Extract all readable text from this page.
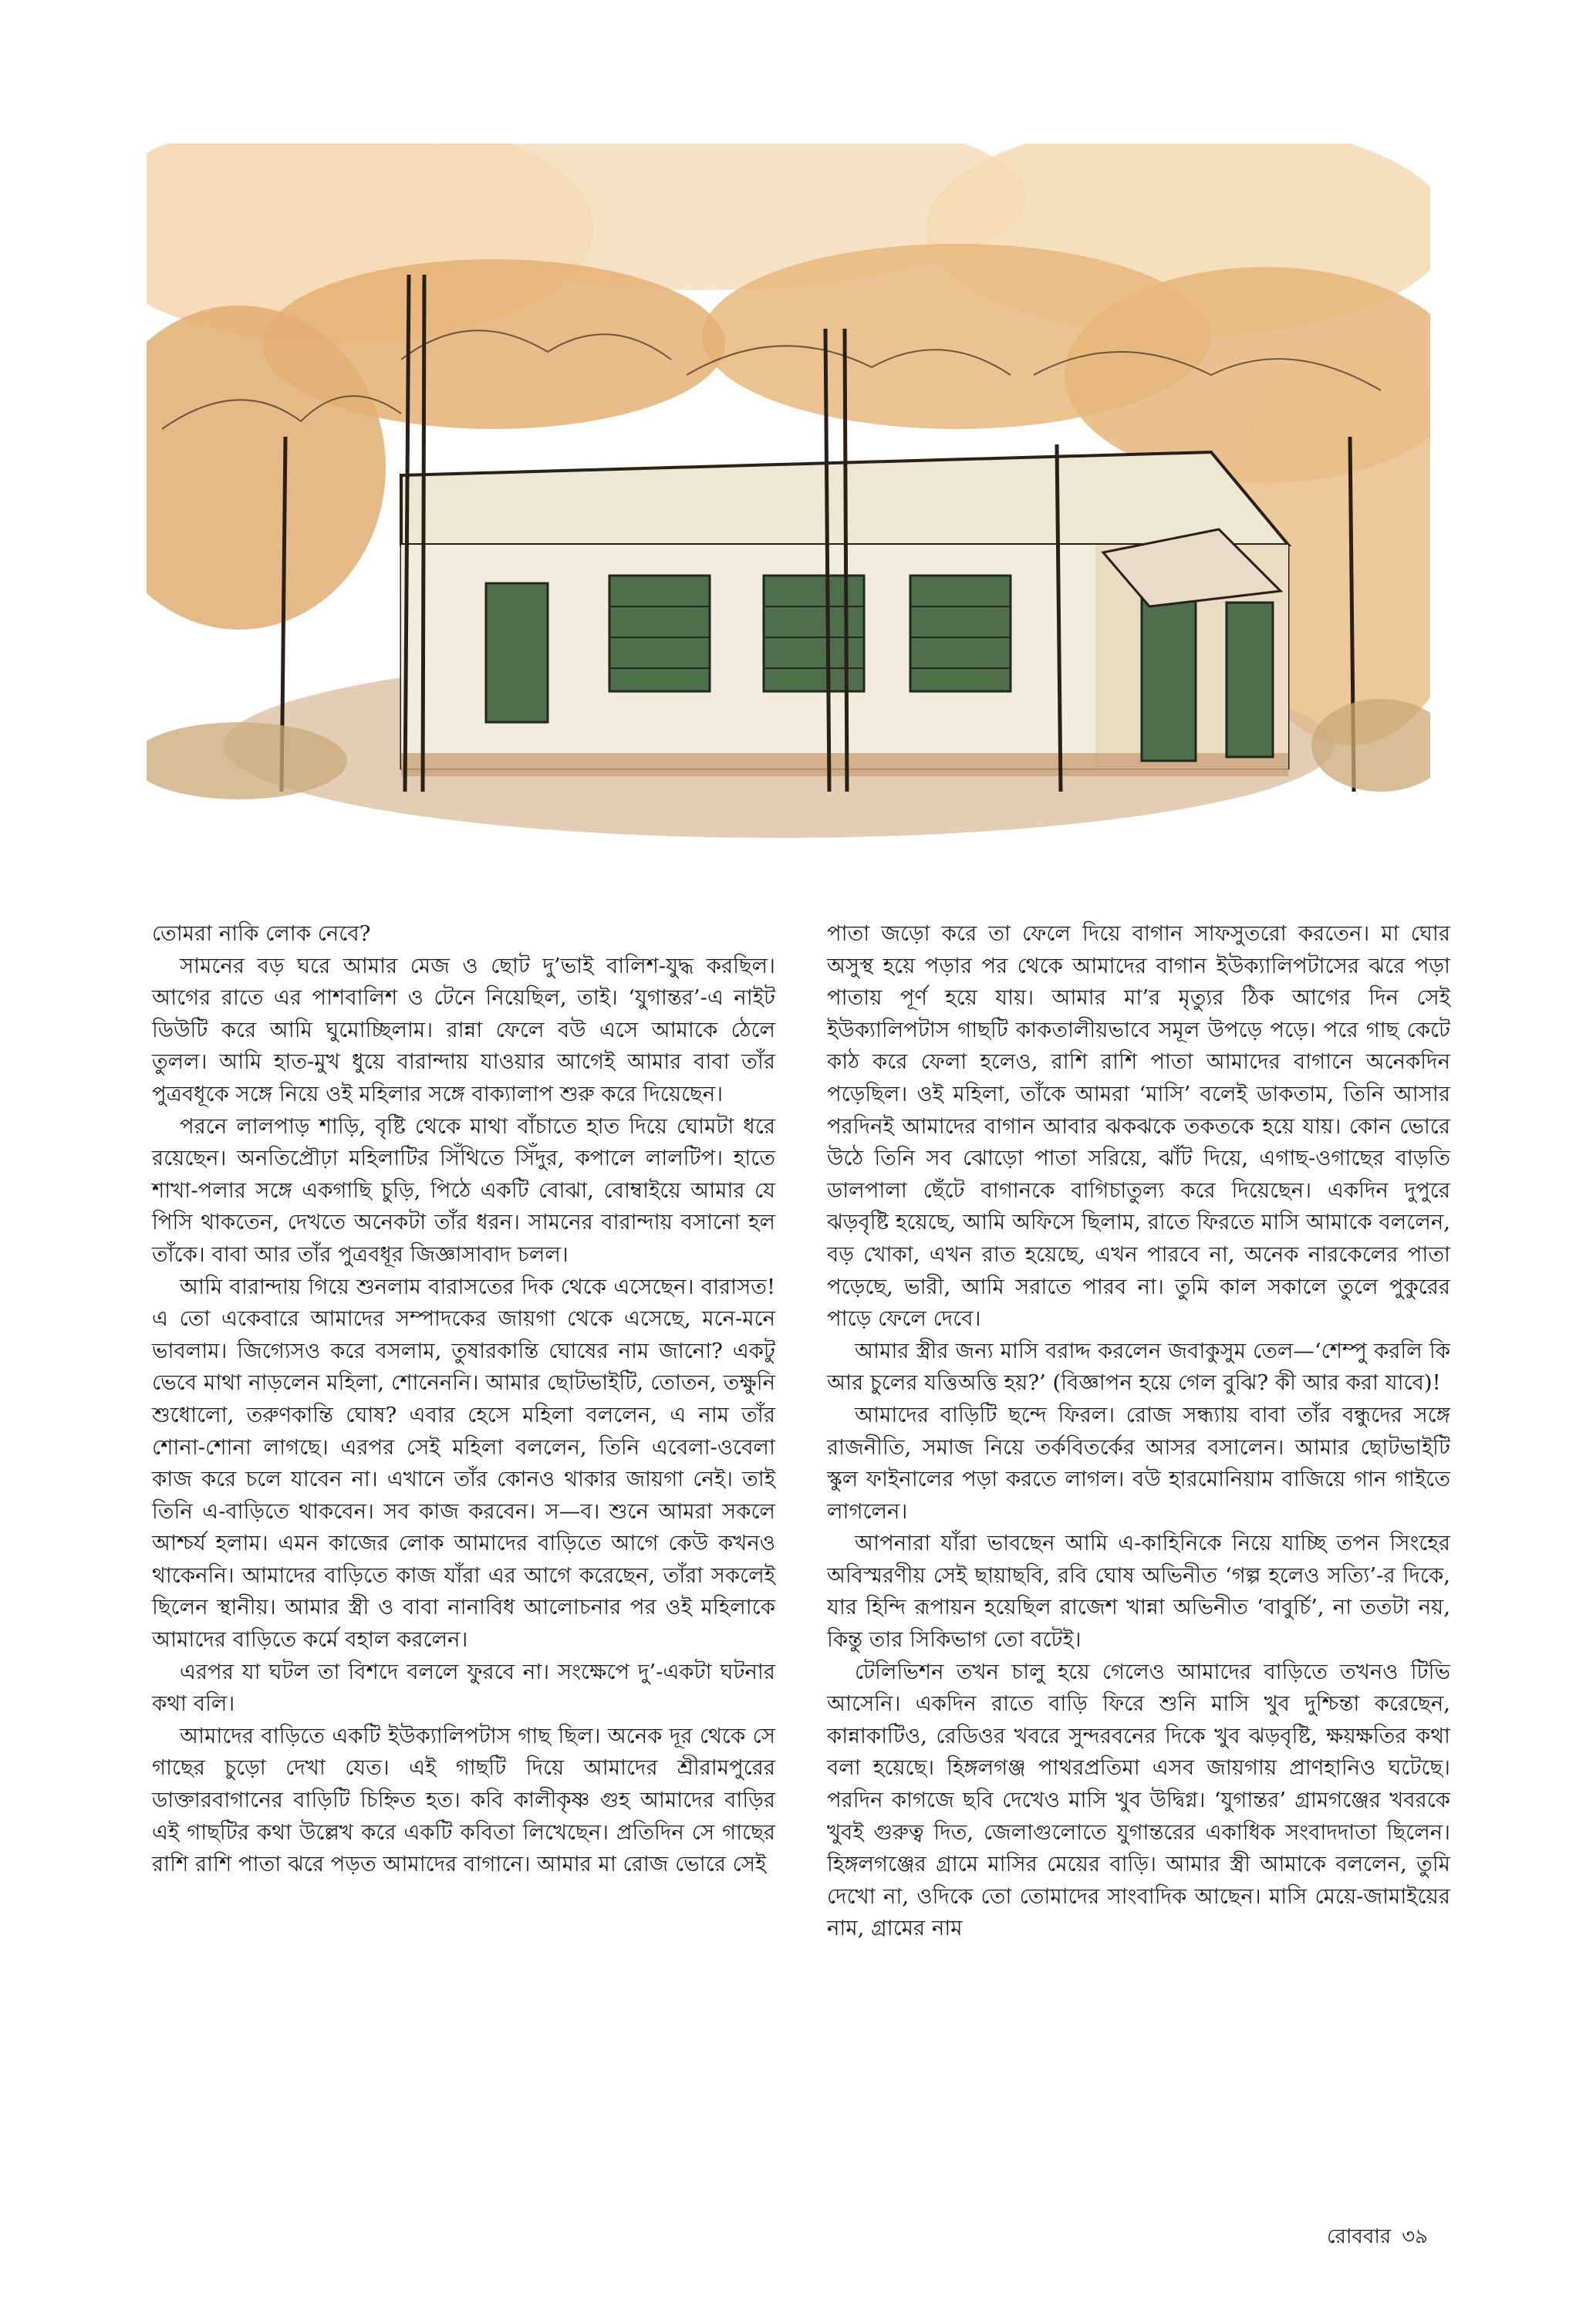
তোমরা নাকি লোক নেবে?

সামনের বড় ঘরে আমার মেজ ও ছোট দু’ভাই বালিশ-যুদ্ধ করছিল। আগের রাতে এর পাশবালিশ ও টেনে নিয়েছিল, তাই। ‘যুগান্তর’-এ নাইট ডিউটি করে আমি ঘুমোচ্ছিলাম। রান্না ফেলে বউ এসে আমাকে ঠেলে তুলল। আমি হাত-মুখ ধুয়ে বারান্দায় যাওয়ার আগেই আমার বাবা তাঁর পুত্রবধূকে সঙ্গে নিয়ে ওই মহিলার সঙ্গে বাক্যালাপ শুরু করে দিয়েছেন।

পরনে লালপাড় শাড়ি, বৃষ্টি থেকে মাথা বাঁচাতে হাত দিয়ে ঘোমটা ধরে রয়েছেন। অনতিপ্রৌঢ়া মহিলাটির সিঁথিতে সিঁদুর, কপালে লালটিপ। হাতে শাখা-পলার সঙ্গে একগাছি চুড়ি, পিঠে একটি বোঝা, বোম্বাইয়ে আমার যে পিসি থাকতেন, দেখতে অনেকটা তাঁর ধরন। সামনের বারান্দায় বসানো হল তাঁকে। বাবা আর তাঁর পুত্রবধূর জিজ্ঞাসাবাদ চলল।

আমি বারান্দায় গিয়ে শুনলাম বারাসতের দিক থেকে এসেছেন। বারাসত! এ তো একেবারে আমাদের সম্পাদকের জায়গা থেকে এসেছে, মনে-মনে ভাবলাম। জিগ্যেসও করে বসলাম, তুষারকান্তি ঘোষের নাম জানো? একটু ভেবে মাথা নাড়লেন মহিলা, শোনেননি। আমার ছোটভাইটি, তোতন, তক্ষুনি শুধোলো, তরুণকান্তি ঘোষ? এবার হেসে মহিলা বললেন, এ নাম তাঁর শোনা-শোনা লাগছে। এরপর সেই মহিলা বললেন, তিনি এবেলা-ওবেলা কাজ করে চলে যাবেন না। এখানে তাঁর কোনও থাকার জায়গা নেই। তাই তিনি এ-বাড়িতে থাকবেন। সব কাজ করবেন। স—ব। শুনে আমরা সকলে আশ্চর্য হলাম। এমন কাজের লোক আমাদের বাড়িতে আগে কেউ কখনও থাকেননি। আমাদের বাড়িতে কাজ যাঁরা এর আগে করেছেন, তাঁরা সকলেই ছিলেন স্থানীয়। আমার স্ত্রী ও বাবা নানাবিধ আলোচনার পর ওই মহিলাকে আমাদের বাড়িতে কর্মে বহাল করলেন।

এরপর যা ঘটল তা বিশদে বললে ফুরবে না। সংক্ষেপে দু’-একটা ঘটনার কথা বলি।

আমাদের বাড়িতে একটি ইউক্যালিপটাস গাছ ছিল। অনেক দূর থেকে সে গাছের চুড়ো দেখা যেত। এই গাছটি দিয়ে আমাদের শ্রীরামপুরের ডাক্তারবাগানের বাড়িটি চিহ্নিত হত। কবি কালীকৃষ্ণ গুহ আমাদের বাড়ির এই গাছটির কথা উল্লেখ করে একটি কবিতা লিখেছেন। প্রতিদিন সে গাছের রাশি রাশি পাতা ঝরে পড়ত আমাদের বাগানে। আমার মা রোজ ভোরে সেই

পাতা জড়ো করে তা ফেলে দিয়ে বাগান সাফসুতরো করতেন। মা ঘোর অসুস্থ হয়ে পড়ার পর থেকে আমাদের বাগান ইউক্যালিপটাসের ঝরে পড়া পাতায় পূর্ণ হয়ে যায়। আমার মা’র মৃত্যুর ঠিক আগের দিন সেই ইউক্যালিপটাস গাছটি কাকতালীয়ভাবে সমূল উপড়ে পড়ে। পরে গাছ কেটে কাঠ করে ফেলা হলেও, রাশি রাশি পাতা আমাদের বাগানে অনেকদিন পড়েছিল। ওই মহিলা, তাঁকে আমরা ‘মাসি’ বলেই ডাকতাম, তিনি আসার পরদিনই আমাদের বাগান আবার ঝকঝকে তকতকে হয়ে যায়। কোন ভোরে উঠে তিনি সব ঝোড়ো পাতা সরিয়ে, ঝাঁট দিয়ে, এগাছ-ওগাছের বাড়তি ডালপালা ছেঁটে বাগানকে বাগিচাতুল্য করে দিয়েছেন। একদিন দুপুরে ঝড়বৃষ্টি হয়েছে, আমি অফিসে ছিলাম, রাতে ফিরতে মাসি আমাকে বললেন, বড় খোকা, এখন রাত হয়েছে, এখন পারবে না, অনেক নারকেলের পাতা পড়েছে, ভারী, আমি সরাতে পারব না। তুমি কাল সকালে তুলে পুকুরের পাড়ে ফেলে দেবে।

আমার স্ত্রীর জন্য মাসি বরাদ্দ করলেন জবাকুসুম তেল—‘শেম্পু করলি কি আর চুলের যত্তিঅত্তি হয়?’ (বিজ্ঞাপন হয়ে গেল বুঝি? কী আর করা যাবে)!

আমাদের বাড়িটি ছন্দে ফিরল। রোজ সন্ধ্যায় বাবা তাঁর বন্ধুদের সঙ্গে রাজনীতি, সমাজ নিয়ে তর্কবিতর্কের আসর বসালেন। আমার ছোটভাইটি স্কুল ফাইনালের পড়া করতে লাগল। বউ হারমোনিয়াম বাজিয়ে গান গাইতে লাগলেন।

আপনারা যাঁরা ভাবছেন আমি এ-কাহিনিকে নিয়ে যাচ্ছি তপন সিংহের অবিস্মরণীয় সেই ছায়াছবি, রবি ঘোষ অভিনীত ‘গল্প হলেও সত্যি’-র দিকে, যার হিন্দি রূপায়ন হয়েছিল রাজেশ খান্না অভিনীত ‘বাবুর্চি’, না ততটা নয়, কিন্তু তার সিকিভাগ তো বটেই।

টেলিভিশন তখন চালু হয়ে গেলেও আমাদের বাড়িতে তখনও টিভি আসেনি। একদিন রাতে বাড়ি ফিরে শুনি মাসি খুব দুশ্চিন্তা করেছেন, কান্নাকাটিও, রেডিওর খবরে সুন্দরবনের দিকে খুব ঝড়বৃষ্টি, ক্ষয়ক্ষতির কথা বলা হয়েছে। হিঙ্গলগঞ্জ পাথরপ্রতিমা এসব জায়গায় প্রাণহানিও ঘটেছে। পরদিন কাগজে ছবি দেখেও মাসি খুব উদ্বিগ্ন। ‘যুগান্তর’ গ্রামগঞ্জের খবরকে খুবই গুরুত্ব দিত, জেলাগুলোতে যুগান্তরের একাধিক সংবাদদাতা ছিলেন। হিঙ্গলগঞ্জের গ্রামে মাসির মেয়ের বাড়ি। আমার স্ত্রী আমাকে বললেন, তুমি দেখো না, ওদিকে তো তোমাদের সাংবাদিক আছেন। মাসি মেয়ে-জামাইয়ের নাম, গ্রামের নাম

রোববার ৩৯
